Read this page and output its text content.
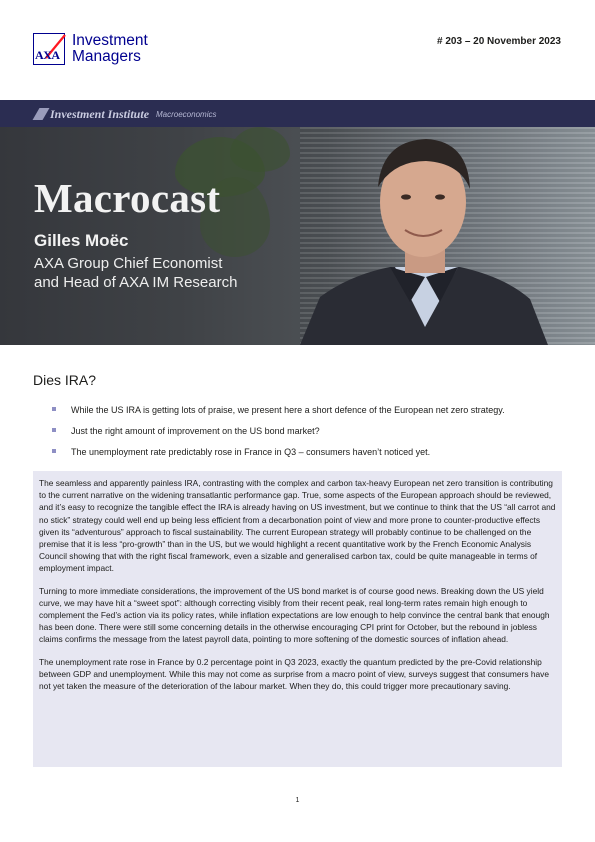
AXA
Investment
Managers
# 203 – 20 November 2023
Investment Institute Macroeconomics
Macrocast
Gilles Moëc
AXA Group Chief Economist
and Head of AXA IM Research
Dies IRA?
While the US IRA is getting lots of praise, we present here a short defence of the European net zero strategy.
Just the right amount of improvement on the US bond market?
The unemployment rate predictably rose in France in Q3 – consumers haven’t noticed yet.

The seamless and apparently painless IRA, contrasting with the complex and carbon tax-heavy European net zero transition is contributing to the current narrative on the widening transatlantic performance gap. True, some aspects of the European approach should be reviewed, and it’s easy to recognize the tangible effect the IRA is already having on US investment, but we continue to think that the US “all carrot and no stick” strategy could well end up being less efficient from a decarbonation point of view and more prone to counter-productive effects given its “adventurous” approach to fiscal sustainability. The current European strategy will probably continue to be challenged on the premise that it is less “pro-growth” than in the US, but we would highlight a recent quantitative work by the French Economic Analysis Council showing that with the right fiscal framework, even a sizable and generalised carbon tax, could be quite manageable in terms of employment impact.

Turning to more immediate considerations, the improvement of the US bond market is of course good news. Breaking down the US yield curve, we may have hit a “sweet spot”: although correcting visibly from their recent peak, real long-term rates remain high enough to complement the Fed’s action via its policy rates, while inflation expectations are low enough to help convince the central bank that enough has been done. There were still some concerning details in the otherwise encouraging CPI print for October, but the rebound in jobless claims confirms the message from the latest payroll data, pointing to more softening of the domestic sources of inflation ahead.

The unemployment rate rose in France by 0.2 percentage point in Q3 2023, exactly the quantum predicted by the pre-Covid relationship between GDP and unemployment. While this may not come as surprise from a macro point of view, surveys suggest that consumers have not yet taken the measure of the deterioration of the labour market. When they do, this could trigger more precautionary saving.

1
